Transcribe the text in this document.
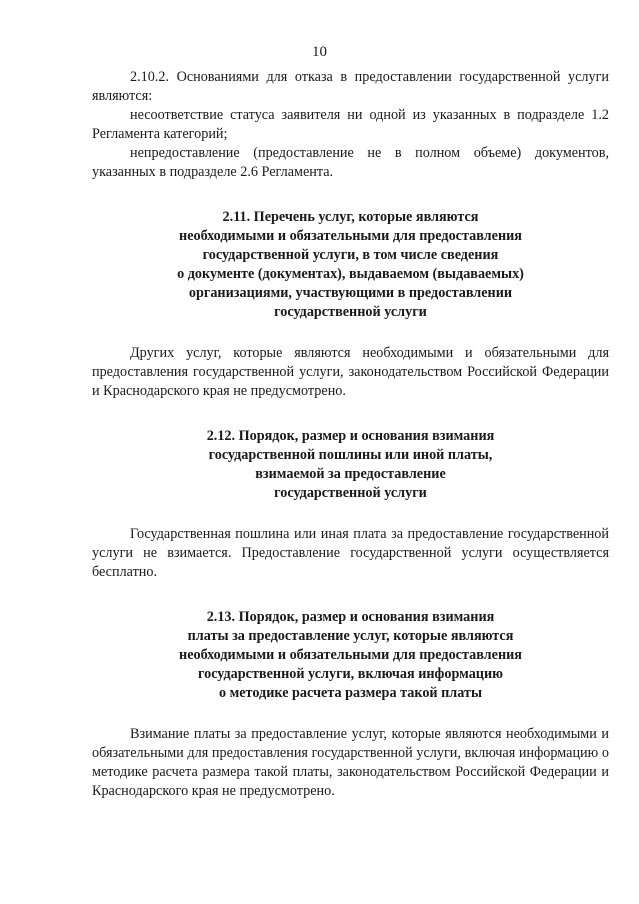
10

2.10.2. Основаниями для отказа в предоставлении государственной услуги являются:

несоответствие статуса заявителя ни одной из указанных в подразделе 1.2 Регламента категорий;

непредоставление (предоставление не в полном объеме) документов, указанных в подразделе 2.6 Регламента.

2.11. Перечень услуг, которые являются
необходимыми и обязательными для предоставления
государственной услуги, в том числе сведения
о документе (документах), выдаваемом (выдаваемых)
организациями, участвующими в предоставлении
государственной услуги

Других услуг, которые являются необходимыми и обязательными для предоставления государственной услуги, законодательством Российской Федерации и Краснодарского края не предусмотрено.

2.12. Порядок, размер и основания взимания
государственной пошлины или иной платы,
взимаемой за предоставление
государственной услуги

Государственная пошлина или иная плата за предоставление государственной услуги не взимается. Предоставление государственной услуги осуществляется бесплатно.

2.13. Порядок, размер и основания взимания
платы за предоставление услуг, которые являются
необходимыми и обязательными для предоставления
государственной услуги, включая информацию
о методике расчета размера такой платы

Взимание платы за предоставление услуг, которые являются необходимыми и обязательными для предоставления государственной услуги, включая информацию о методике расчета размера такой платы, законодательством Российской Федерации и Краснодарского края не предусмотрено.
